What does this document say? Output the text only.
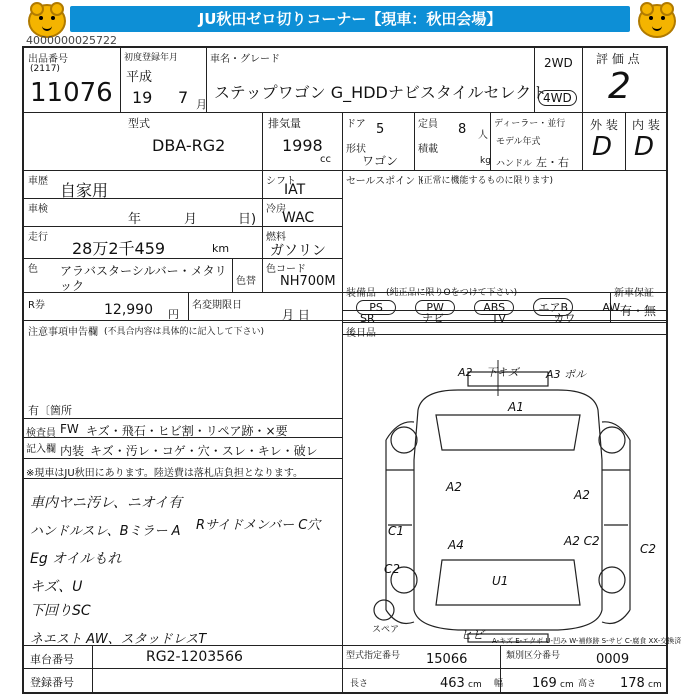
JU秋田ゼロ切りコーナー【現車：秋田会場】
4000000025722
出品番号
(2117)
11076
初度登録年月
平成
19 7 月
車名・グレード
ステップワゴン G_HDDナビスタイルセレクト
2WD
4WD
評 価 点
2
外 装 内 装
D D
型式
DBA-RG2
排気量
1998
cc
ドア 5	定員 8 人
形状
ワゴン
積載
kg
ディーラー・並行
モデル年式
ハンドル 左・右
車歴 自家用	シフト
IAT
車検
年	月	日)
冷房
WAC
走行
28万2千459	km
燃料
ガソリン
色 アラバスターシルバー・メタリック	色替
色コード
NH700M
R券	12,990 円
名変期限日
月 日
注意事項申告欄 (不具合内容は具体的に記入して下さい)
有〔箇所
検査員
記入欄
FW キズ・飛石・ヒビ割・リペア跡・×要
内装 キズ・汚レ・コゲ・穴・スレ・キレ・破レ
※現車はJU秋田にあります。陸送費は落札店負担となります。
車内ヤニ汚レ、ニオイ有
ハンドルスレ、Bミラー A
Eg オイルもれ
キズ、U
下回りSC
ネエスト AW、スタッドレスT
Rサイドメンバー C穴
セールスポイント
(正常に機能するものに限ります)
装備品 (純正品に限りOをつけて下さい)	新車保証
PS	PW	ABS	エアB	AW
SR	ナビ	TV	カワ
有・無
後日品
A2 下キズ A3 ポル
A1
A2
A2
A4	A2 C2
C1
C2
C2
U1
ヒビ
スペア
A-キズ E-エクボ U-凹み W-補修跡 S-サビ C-腐食 XX-交換済
車台番号	RG2-1203566
登録番号
型式指定番号 15066	類別区分番号	0009
長さ	463 cm 幅 169 cm 高さ 178 cm
